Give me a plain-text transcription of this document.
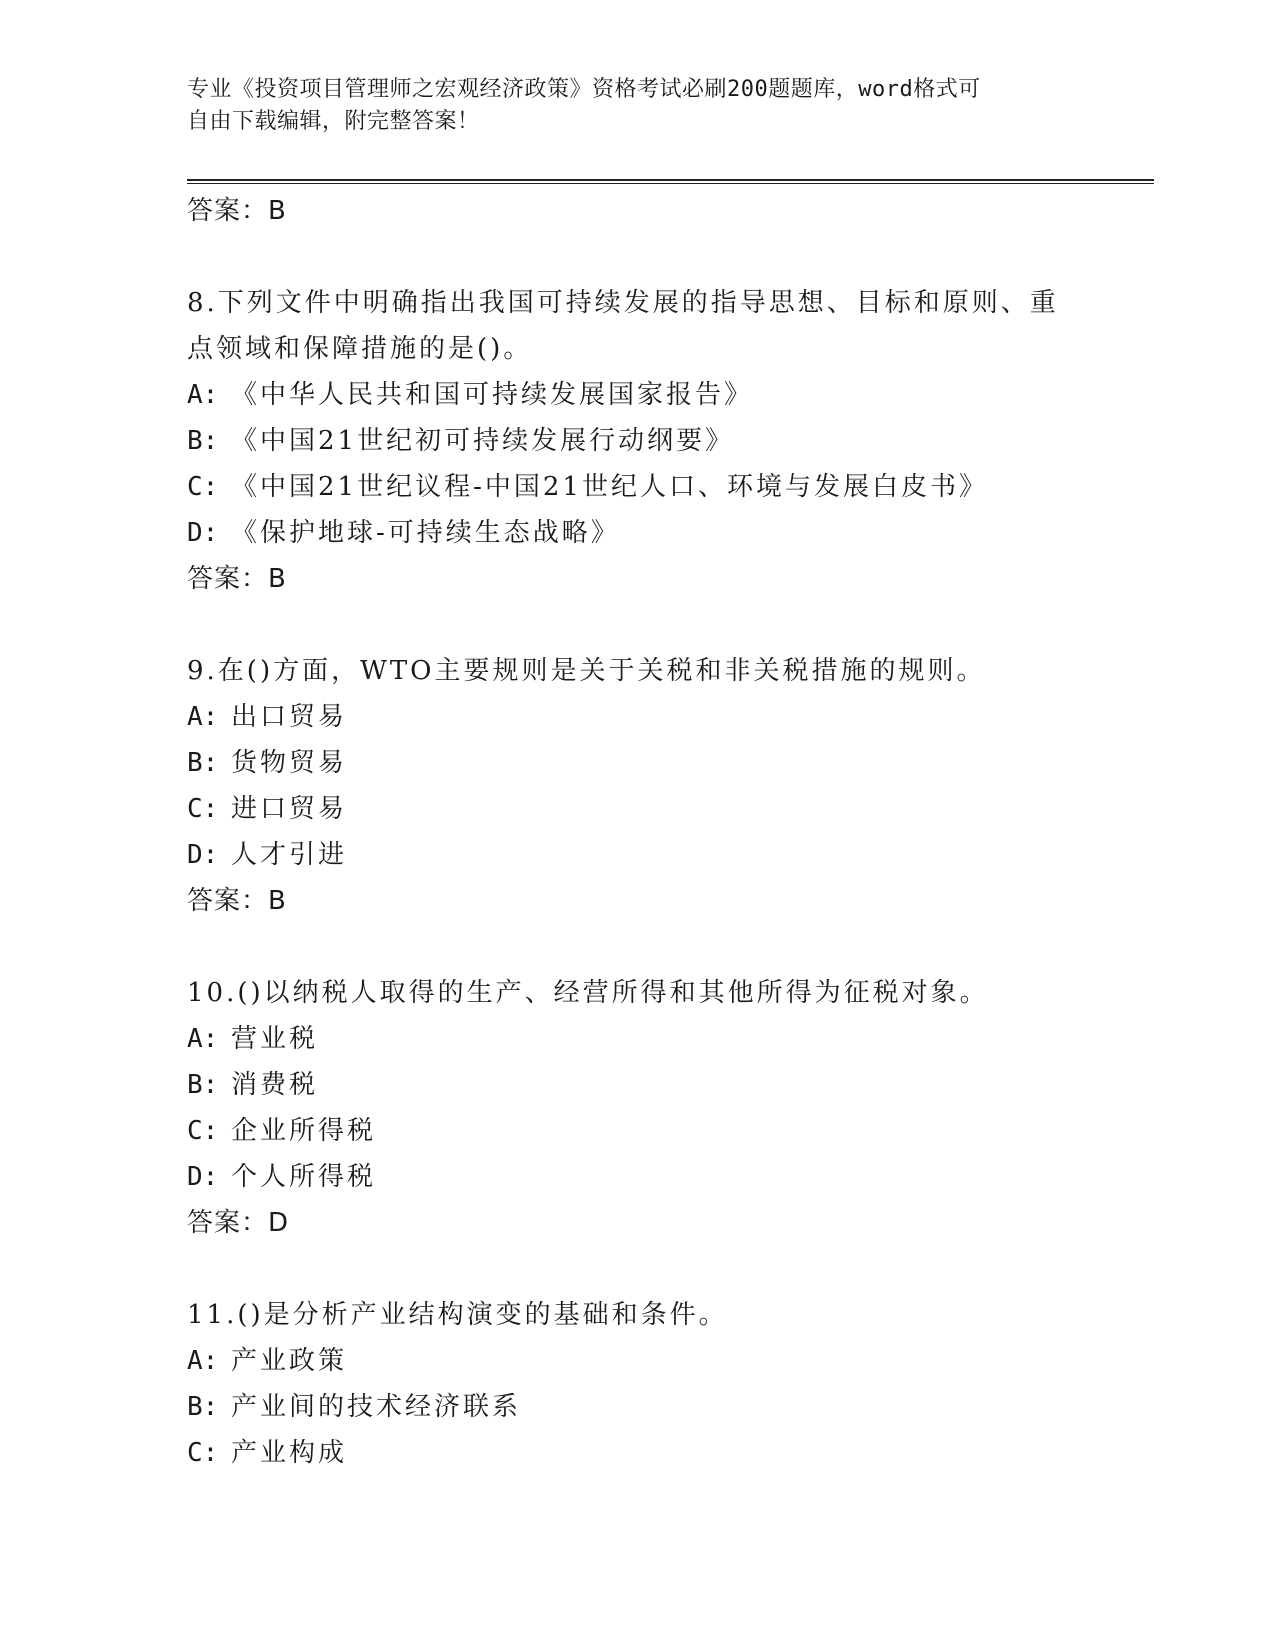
专业《投资项目管理师之宏观经济政策》资格考试必刷200题题库，word格式可
自由下载编辑，附完整答案！
答案：B
8.下列文件中明确指出我国可持续发展的指导思想、目标和原则、重
点领域和保障措施的是()。
A: 《中华人民共和国可持续发展国家报告》
B: 《中国21世纪初可持续发展行动纲要》
C: 《中国21世纪议程-中国21世纪人口、环境与发展白皮书》
D: 《保护地球-可持续生态战略》
答案：B
9.在()方面，WTO主要规则是关于关税和非关税措施的规则。
A: 出口贸易
B: 货物贸易
C: 进口贸易
D: 人才引进
答案：B
10.()以纳税人取得的生产、经营所得和其他所得为征税对象。
A: 营业税
B: 消费税
C: 企业所得税
D: 个人所得税
答案：D
11.()是分析产业结构演变的基础和条件。
A: 产业政策
B: 产业间的技术经济联系
C: 产业构成
